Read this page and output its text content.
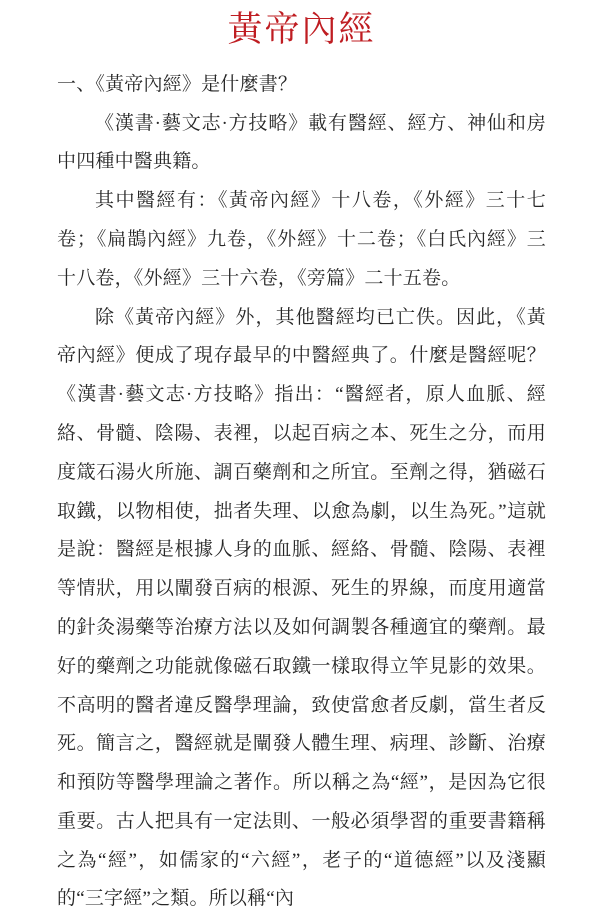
黃帝內經

一、《黃帝內經》是什麼書？

《漢書·藝文志·方技略》載有醫經、經方、神仙和房中四種中醫典籍。

其中醫經有：《黃帝內經》十八卷，《外經》三十七卷；《扁鵲內經》九卷，《外經》十二卷；《白氏內經》三十八卷，《外經》三十六卷，《旁篇》二十五卷。

除《黃帝內經》外，其他醫經均已亡佚。因此，《黃帝內經》便成了現存最早的中醫經典了。什麼是醫經呢？《漢書·藝文志·方技略》指出：“醫經者，原人血脈、經絡、骨髓、陰陽、表裡，以起百病之本、死生之分，而用度箴石湯火所施、調百藥劑和之所宜。至劑之得，猶磁石取鐵，以物相使，拙者失理、以愈為劇，以生為死。”這就是說：醫經是根據人身的血脈、經絡、骨髓、陰陽、表裡等情狀，用以闡發百病的根源、死生的界線，而度用適當的針灸湯藥等治療方法以及如何調製各種適宜的藥劑。最好的藥劑之功能就像磁石取鐵一樣取得立竿見影的效果。不高明的醫者違反醫學理論，致使當愈者反劇，當生者反死。簡言之，醫經就是闡發人體生理、病理、診斷、治療和預防等醫學理論之著作。所以稱之為“經”，是因為它很重要。古人把具有一定法則、一般必須學習的重要書籍稱之為“經”，如儒家的“六經”，老子的“道德經”以及淺顯的“三字經”之類。所以稱“內
